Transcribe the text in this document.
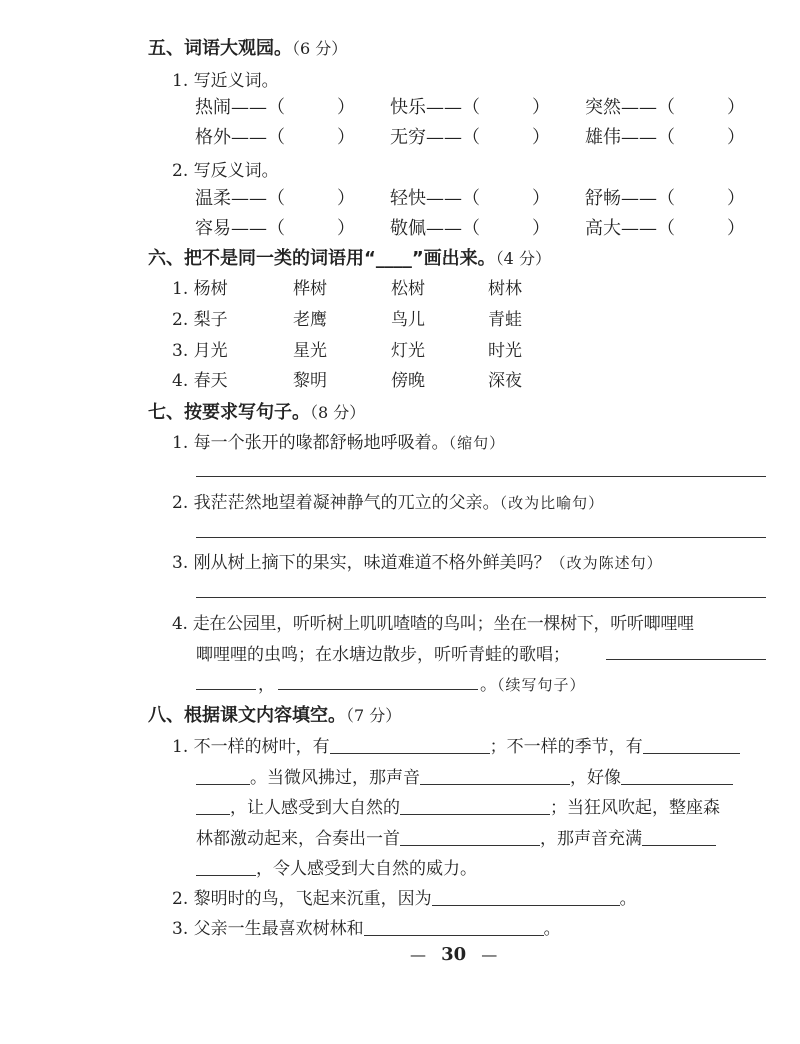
五、词语大观园。（6 分）
1. 写近义词。
热闹——（	） 快乐——（	） 突然——（	）
格外——（	） 无穷——（	） 雄伟——（	）
2. 写反义词。
温柔——（	） 轻快——（	） 舒畅——（	）
容易——（	） 敬佩——（	） 高大——（	）
六、把不是同一类的词语用“____”画出来。（4 分）
1. 杨树	桦树	松树	树林
2. 梨子	老鹰	鸟儿	青蛙
3. 月光	星光	灯光	时光
4. 春天	黎明	傍晚	深夜
七、按要求写句子。（8 分）
1. 每一个张开的喙都舒畅地呼吸着。（缩句）
2. 我茫茫然地望着凝神静气的兀立的父亲。（改为比喻句）
3. 刚从树上摘下的果实，味道难道不格外鲜美吗？（改为陈述句）
4. 走在公园里，听听树上叽叽喳喳的鸟叫；坐在一棵树下，听听唧哩哩
唧哩哩的虫鸣；在水塘边散步，听听青蛙的歌唱；
，	。（续写句子）
八、根据课文内容填空。（7 分）
1. 不一样的树叶，有	；不一样的季节，有
。当微风拂过，那声音	，好像
，让人感受到大自然的	；当狂风吹起，整座森
林都激动起来，合奏出一首	，那声音充满
，令人感受到大自然的威力。
2. 黎明时的鸟，飞起来沉重，因为	。
3. 父亲一生最喜欢树林和	。
— 30 —
